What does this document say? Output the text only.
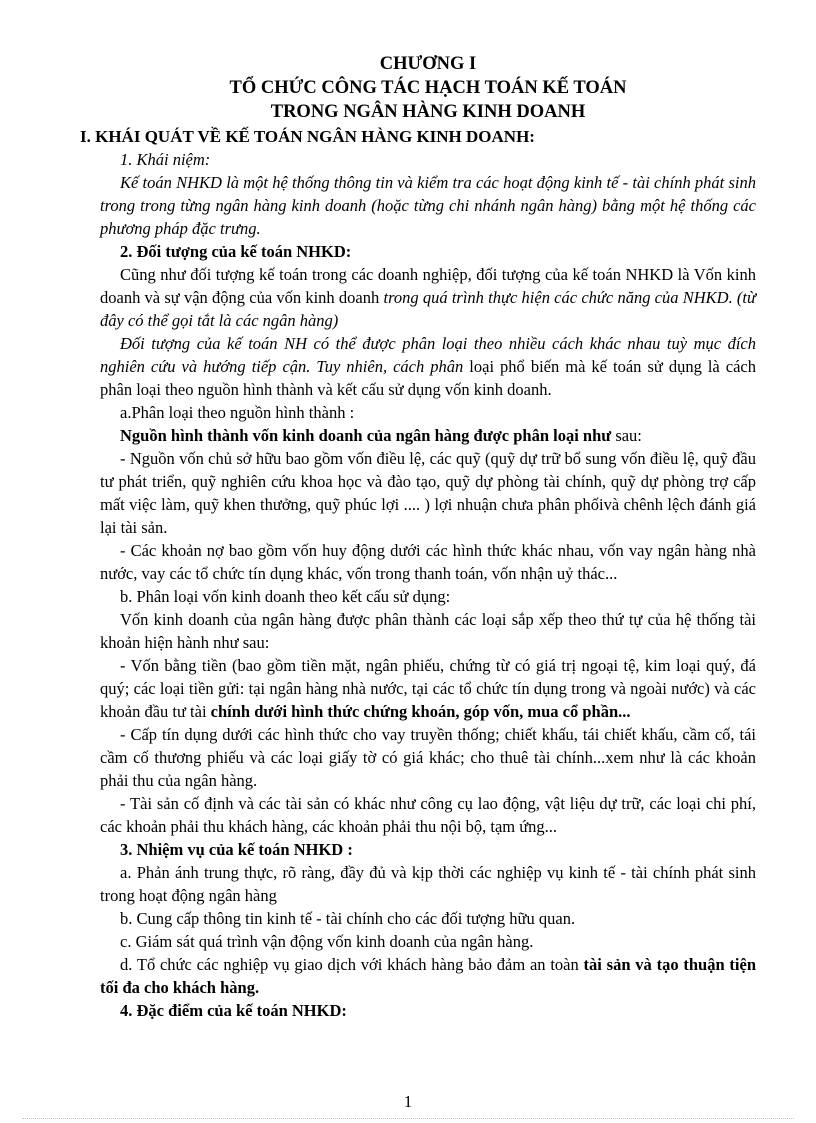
CHƯƠNG I

TỔ CHỨC CÔNG TÁC HẠCH TOÁN KẾ TOÁN

TRONG NGÂN HÀNG KINH DOANH

I. KHÁI QUÁT VỀ KẾ TOÁN NGÂN HÀNG KINH DOANH:

1. Khái niệm:

Kế toán NHKD là một hệ thống thông tin và kiểm tra các hoạt động kinh tế - tài chính phát sinh trong trong từng ngân hàng kinh doanh (hoặc từng chi nhánh ngân hàng) bằng một hệ thống các phương pháp đặc trưng.

2. Đối tượng của kế toán NHKD:

Cũng như đối tượng kế toán trong các doanh nghiệp, đối tượng của kế toán NHKD là Vốn kinh doanh và sự vận động của vốn kinh doanh trong quá trình thực hiện các chức năng của NHKD. (từ đây có thể gọi tắt là các ngân hàng)

Đối tượng của kế toán NH có thể được phân loại theo nhiều cách khác nhau tuỳ mục đích nghiên cứu và hướng tiếp cận. Tuy nhiên, cách phân loại phổ biến mà kế toán sử dụng là cách phân loại theo nguồn hình thành và kết cấu sử dụng vốn kinh doanh.

a.Phân loại theo nguồn hình thành :

Nguồn hình thành vốn kinh doanh của ngân hàng được phân loại như sau:

- Nguồn vốn chủ sở hữu bao gồm vốn điều lệ, các quỹ (quỹ dự trữ bổ sung vốn điều lệ, quỹ đầu tư phát triển, quỹ nghiên cứu khoa học và đào tạo, quỹ dự phòng tài chính, quỹ dự phòng trợ cấp mất việc làm, quỹ khen thưởng, quỹ phúc lợi .... ) lợi nhuận chưa phân phốivà chênh lệch đánh giá lại tài sản.

- Các khoản nợ bao gồm vốn huy động dưới các hình thức khác nhau, vốn vay ngân hàng nhà nước, vay các tổ chức tín dụng khác, vốn trong thanh toán, vốn nhận uỷ thác...

b. Phân loại vốn kinh doanh theo kết cấu sử dụng:

Vốn kinh doanh của ngân hàng được phân thành các loại sắp xếp theo thứ tự của hệ thống tài khoản hiện hành như sau:

- Vốn bằng tiền (bao gồm tiền mặt, ngân phiếu, chứng từ có giá trị ngoại tệ, kim loại quý, đá quý; các loại tiền gửi: tại ngân hàng nhà nước, tại các tổ chức tín dụng trong và ngoài nước) và các khoản đầu tư tài chính dưới hình thức chứng khoán, góp vốn, mua cổ phần...

- Cấp tín dụng dưới các hình thức cho vay truyền thống; chiết khấu, tái chiết khấu, cầm cố, tái cầm cố thương phiếu và các loại giấy tờ có giá khác; cho thuê tài chính...xem như là các khoản phải thu của ngân hàng.

- Tài sản cố định và các tài sản có khác như công cụ lao động, vật liệu dự trữ, các loại chi phí, các khoản phải thu khách hàng, các khoản phải thu nội bộ, tạm ứng...

3. Nhiệm vụ của kế toán NHKD :

a. Phản ánh trung thực, rõ ràng, đầy đủ và kịp thời các nghiệp vụ kinh tế - tài chính phát sinh trong hoạt động ngân hàng

b. Cung cấp thông tin kinh tế - tài chính cho các đối tượng hữu quan.

c. Giám sát quá trình vận động vốn kinh doanh của ngân hàng.

d. Tổ chức các nghiệp vụ giao dịch với khách hàng bảo đảm an toàn tài sản và tạo thuận tiện tối đa cho khách hàng.

4. Đặc điểm của kế toán NHKD:

1
